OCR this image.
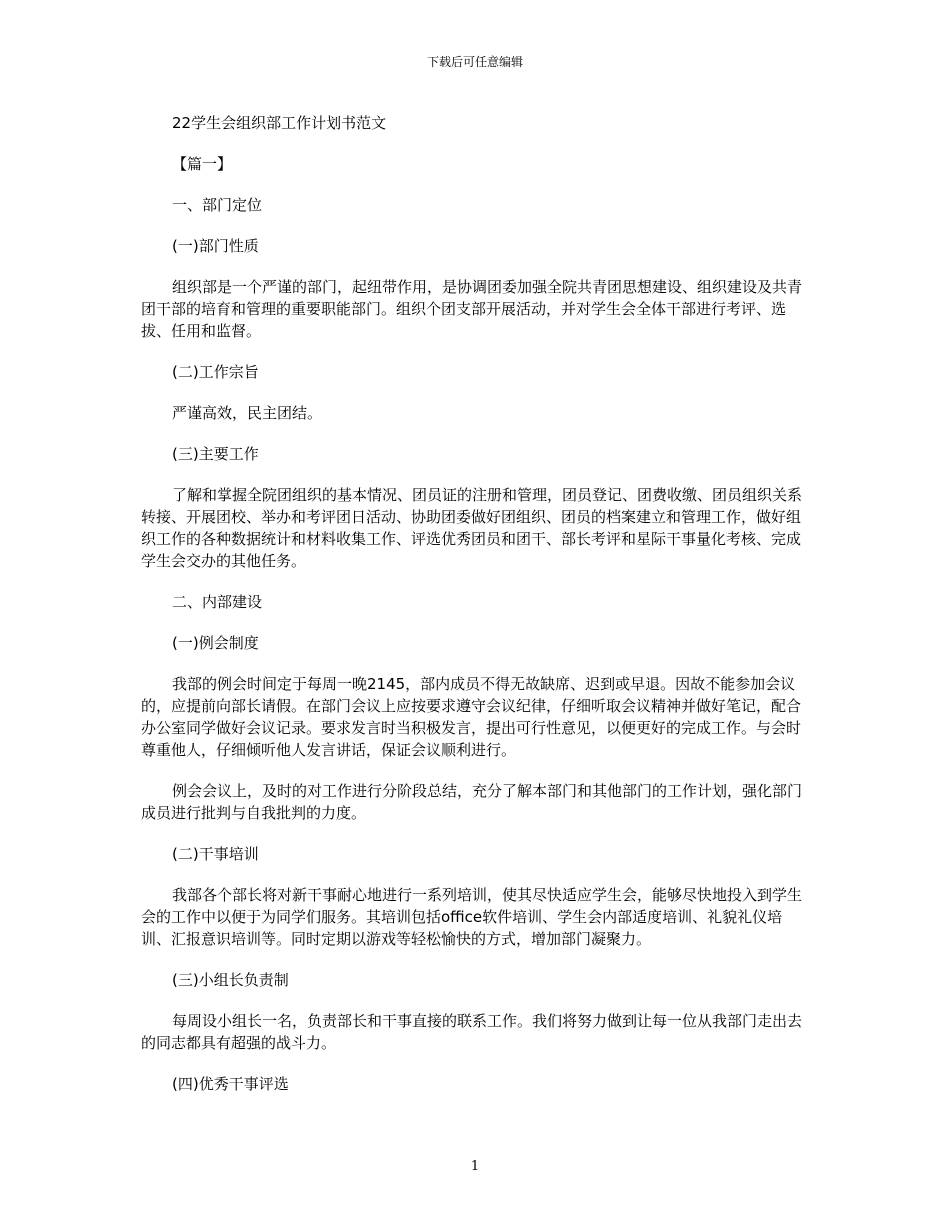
下载后可任意编辑

22学生会组织部工作计划书范文

【篇一】

一、部门定位

(一)部门性质

组织部是一个严谨的部门，起纽带作用，是协调团委加强全院共青团思想建设、组织建设及共青团干部的培育和管理的重要职能部门。组织个团支部开展活动，并对学生会全体干部进行考评、选拔、任用和监督。

(二)工作宗旨

严谨高效，民主团结。

(三)主要工作

了解和掌握全院团组织的基本情况、团员证的注册和管理，团员登记、团费收缴、团员组织关系转接、开展团校、举办和考评团日活动、协助团委做好团组织、团员的档案建立和管理工作，做好组织工作的各种数据统计和材料收集工作、评选优秀团员和团干、部长考评和星际干事量化考核、完成学生会交办的其他任务。

二、内部建设

(一)例会制度

我部的例会时间定于每周一晚2145，部内成员不得无故缺席、迟到或早退。因故不能参加会议的，应提前向部长请假。在部门会议上应按要求遵守会议纪律，仔细听取会议精神并做好笔记，配合办公室同学做好会议记录。要求发言时当积极发言，提出可行性意见，以便更好的完成工作。与会时尊重他人，仔细倾听他人发言讲话，保证会议顺利进行。

例会会议上，及时的对工作进行分阶段总结，充分了解本部门和其他部门的工作计划，强化部门成员进行批判与自我批判的力度。

(二)干事培训

我部各个部长将对新干事耐心地进行一系列培训，使其尽快适应学生会，能够尽快地投入到学生会的工作中以便于为同学们服务。其培训包括office软件培训、学生会内部适度培训、礼貌礼仪培训、汇报意识培训等。同时定期以游戏等轻松愉快的方式，增加部门凝聚力。

(三)小组长负责制

每周设小组长一名，负责部长和干事直接的联系工作。我们将努力做到让每一位从我部门走出去的同志都具有超强的战斗力。

(四)优秀干事评选

1
